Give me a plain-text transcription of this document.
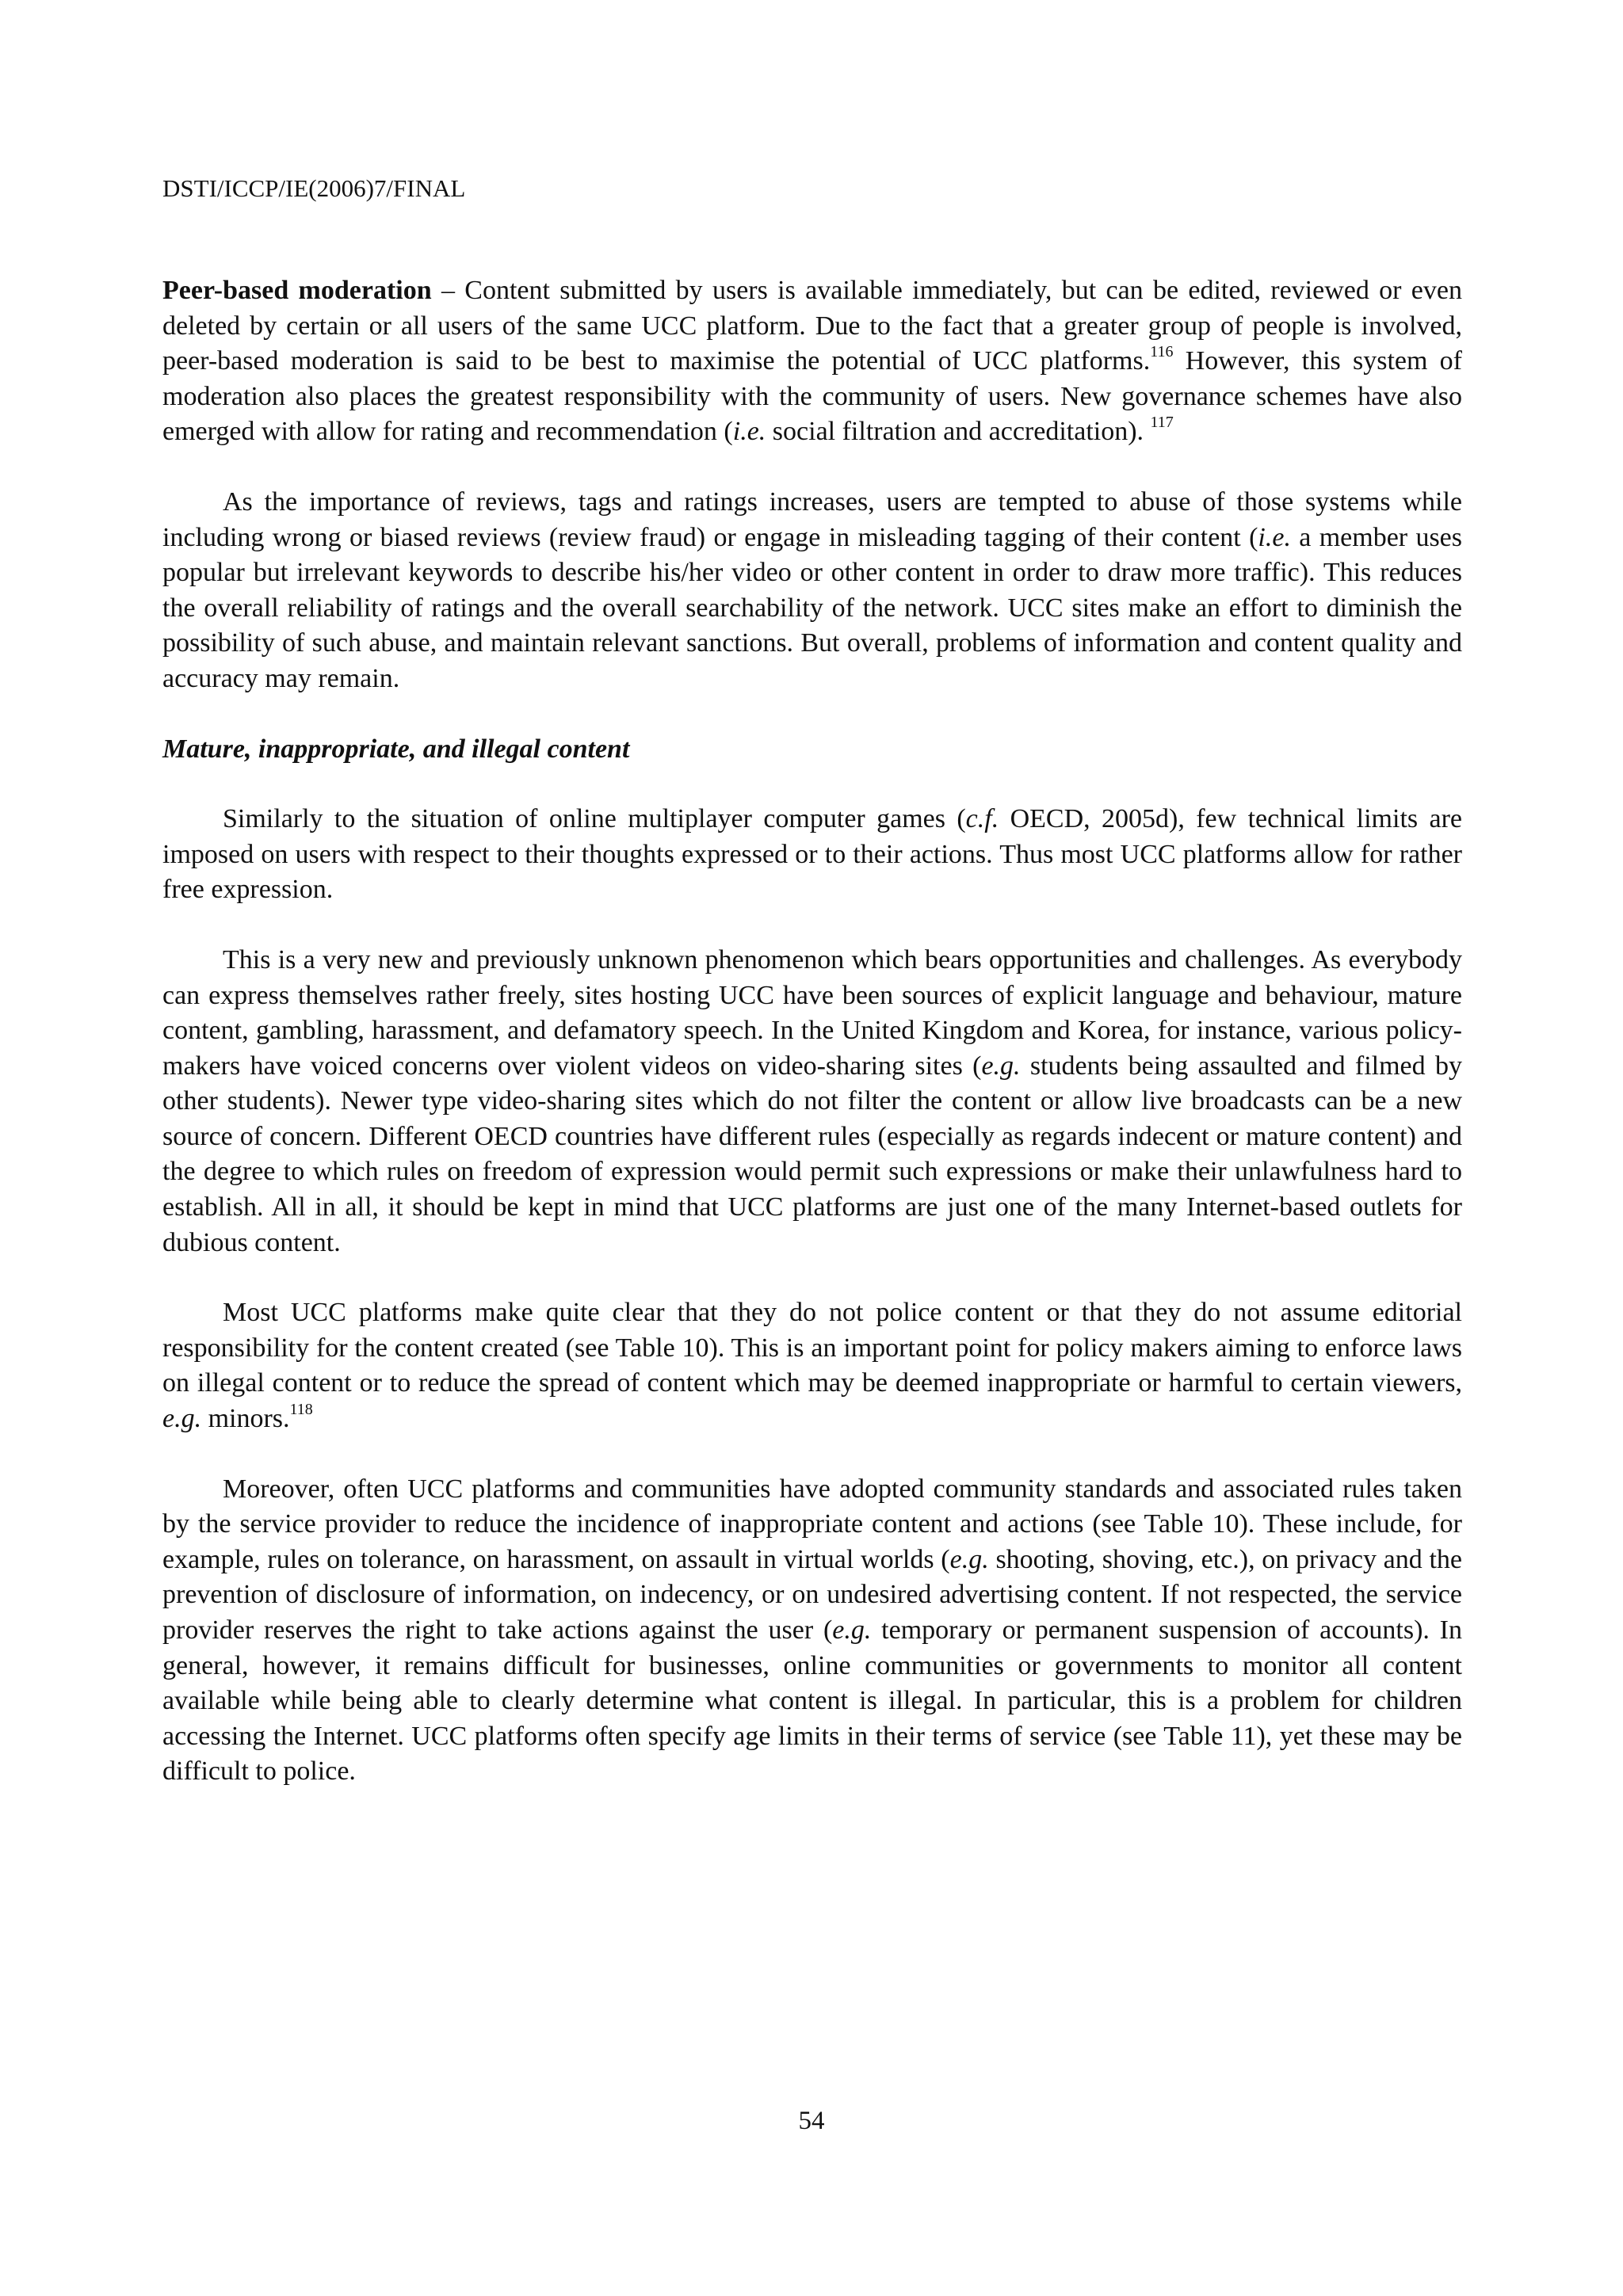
DSTI/ICCP/IE(2006)7/FINAL

Peer-based moderation – Content submitted by users is available immediately, but can be edited, reviewed or even deleted by certain or all users of the same UCC platform. Due to the fact that a greater group of people is involved, peer-based moderation is said to be best to maximise the potential of UCC platforms.$^{116}$ However, this system of moderation also places the greatest responsibility with the community of users. New governance schemes have also emerged with allow for rating and recommendation (i.e. social filtration and accreditation). $^{117}$

As the importance of reviews, tags and ratings increases, users are tempted to abuse of those systems while including wrong or biased reviews (review fraud) or engage in misleading tagging of their content (i.e. a member uses popular but irrelevant keywords to describe his/her video or other content in order to draw more traffic). This reduces the overall reliability of ratings and the overall searchability of the network. UCC sites make an effort to diminish the possibility of such abuse, and maintain relevant sanctions. But overall, problems of information and content quality and accuracy may remain.

Mature, inappropriate, and illegal content

Similarly to the situation of online multiplayer computer games (c.f. OECD, 2005d), few technical limits are imposed on users with respect to their thoughts expressed or to their actions. Thus most UCC platforms allow for rather free expression.

This is a very new and previously unknown phenomenon which bears opportunities and challenges. As everybody can express themselves rather freely, sites hosting UCC have been sources of explicit language and behaviour, mature content, gambling, harassment, and defamatory speech. In the United Kingdom and Korea, for instance, various policy-makers have voiced concerns over violent videos on video-sharing sites (e.g. students being assaulted and filmed by other students). Newer type video-sharing sites which do not filter the content or allow live broadcasts can be a new source of concern. Different OECD countries have different rules (especially as regards indecent or mature content) and the degree to which rules on freedom of expression would permit such expressions or make their unlawfulness hard to establish. All in all, it should be kept in mind that UCC platforms are just one of the many Internet-based outlets for dubious content.

Most UCC platforms make quite clear that they do not police content or that they do not assume editorial responsibility for the content created (see Table 10). This is an important point for policy makers aiming to enforce laws on illegal content or to reduce the spread of content which may be deemed inappropriate or harmful to certain viewers, e.g. minors.$^{118}$

Moreover, often UCC platforms and communities have adopted community standards and associated rules taken by the service provider to reduce the incidence of inappropriate content and actions (see Table 10). These include, for example, rules on tolerance, on harassment, on assault in virtual worlds (e.g. shooting, shoving, etc.), on privacy and the prevention of disclosure of information, on indecency, or on undesired advertising content. If not respected, the service provider reserves the right to take actions against the user (e.g. temporary or permanent suspension of accounts). In general, however, it remains difficult for businesses, online communities or governments to monitor all content available while being able to clearly determine what content is illegal. In particular, this is a problem for children accessing the Internet. UCC platforms often specify age limits in their terms of service (see Table 11), yet these may be difficult to police.

54
